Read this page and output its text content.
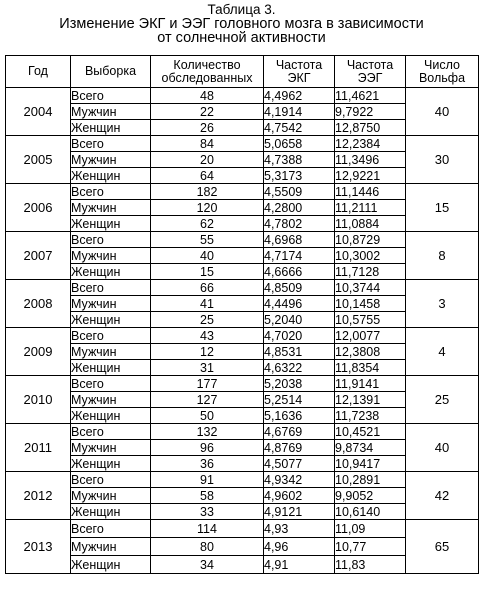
Таблица 3.
Изменение ЭКГ и ЭЭГ головного мозга в зависимости
от солнечной активности
Год	Выборка	Количество обследованных	Частота ЭКГ	Частота ЭЭГ	Число Вольфа
2004	Всего	48	4,4962	11,4621	40
	Мужчин	22	4,1914	9,7922	
	Женщин	26	4,7542	12,8750	
2005	Всего	84	5,0658	12,2384	30
	Мужчин	20	4,7388	11,3496	
	Женщин	64	5,3173	12,9221	
2006	Всего	182	4,5509	11,1446	15
	Мужчин	120	4,2800	11,2111	
	Женщин	62	4,7802	11,0884	
2007	Всего	55	4,6968	10,8729	8
	Мужчин	40	4,7174	10,3002	
	Женщин	15	4,6666	11,7128	
2008	Всего	66	4,8509	10,3744	3
	Мужчин	41	4,4496	10,1458	
	Женщин	25	5,2040	10,5755	
2009	Всего	43	4,7020	12,0077	4
	Мужчин	12	4,8531	12,3808	
	Женщин	31	4,6322	11,8354	
2010	Всего	177	5,2038	11,9141	25
	Мужчин	127	5,2514	12,1391	
	Женщин	50	5,1636	11,7238	
2011	Всего	132	4,6769	10,4521	40
	Мужчин	96	4,8769	9,8734	
	Женщин	36	4,5077	10,9417	
2012	Всего	91	4,9342	10,2891	42
	Мужчин	58	4,9602	9,9052	
	Женщин	33	4,9121	10,6140	
2013	Всего	114	4,93	11,09	65
	Мужчин	80	4,96	10,77	
	Женщин	34	4,91	11,83	
